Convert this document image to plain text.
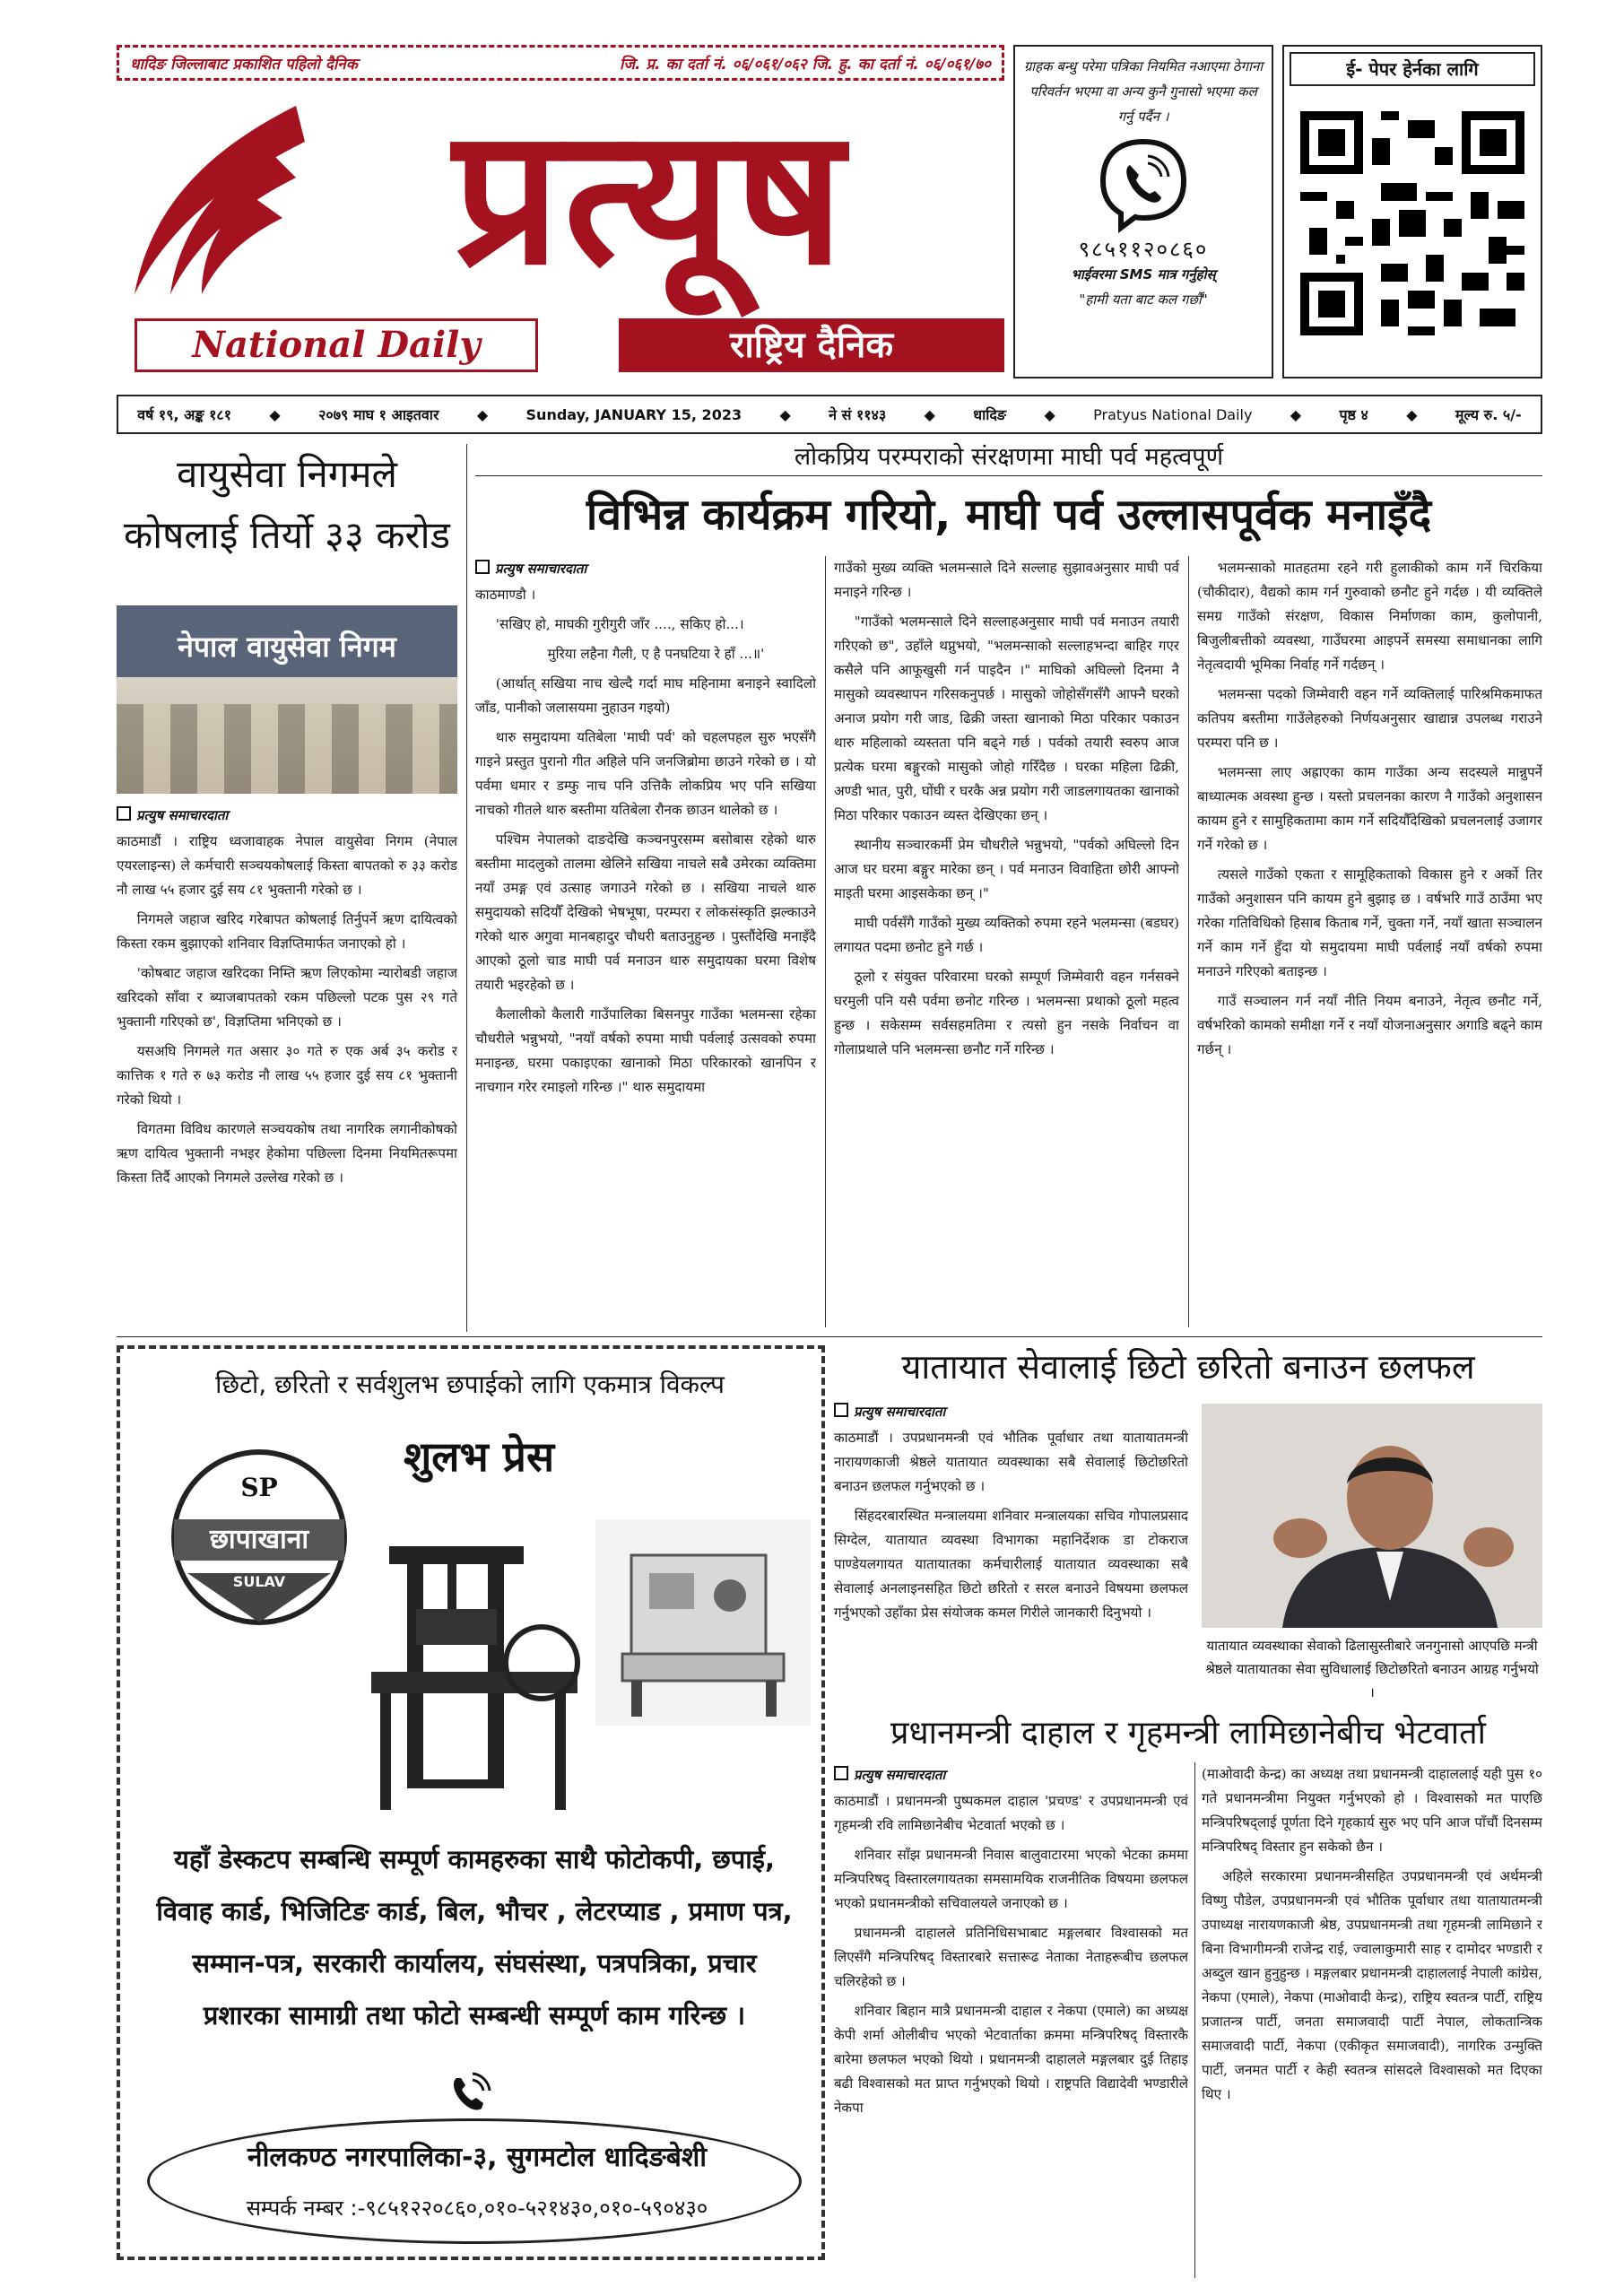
धादिङ जिल्लाबाट प्रकाशित पहिलो दैनिक	जि. प्र. का दर्ता नं. ०६/०६१/०६२ जि. हु. का दर्ता नं. ०६/०६१/७०
प्रत्यूष
National Daily	राष्ट्रिय दैनिक
ग्राहक बन्धु परेमा पत्रिका नियमित नआएमा ठेगाना परिवर्तन भएमा वा अन्य कुनै गुनासो भएमा कल गर्नु पर्दैन ।
९८५११२०८६०
भाईवरमा SMS मात्र गर्नुहोस्
"हामी यता बाट कल गर्छौं"
ई- पेपर हेर्नका लागि
वर्ष १९, अङ्क १८१	◆	२०७९ माघ १ आइतवार	◆	Sunday, JANUARY 15, 2023	◆	ने सं ११४३	◆	धादिङ	◆	Pratyus National Daily	◆	पृष्ठ ४	◆	मूल्य रु. ५/-
वायुसेवा निगमले कोषलाई तिर्यो ३३ करोड
नेपाल वायुसेवा निगम
प्रत्युष समाचारदाता

काठमाडौं । राष्ट्रिय ध्वजावाहक नेपाल वायुसेवा निगम (नेपाल एयरलाइन्स) ले कर्मचारी सञ्चयकोषलाई किस्ता बापतको रु ३३ करोड नौ लाख ५५ हजार दुई सय ८१ भुक्तानी गरेको छ ।

निगमले जहाज खरिद गरेबापत कोषलाई तिर्नुपर्ने ऋण दायित्वको किस्ता रकम बुझाएको शनिवार विज्ञप्तिमार्फत जनाएको हो ।

'कोषबाट जहाज खरिदका निम्ति ऋण लिएकोमा न्यारोबडी जहाज खरिदको साँवा र ब्याजबापतको रकम पछिल्लो पटक पुस २९ गते भुक्तानी गरिएको छ', विज्ञप्तिमा भनिएको छ ।

यसअघि निगमले गत असार ३० गते रु एक अर्ब ३५ करोड र कात्तिक १ गते रु ७३ करोड नौ लाख ५५ हजार दुई सय ८१ भुक्तानी गरेको थियो ।

विगतमा विविध कारणले सञ्चयकोष तथा नागरिक लगानीकोषको ऋण दायित्व भुक्तानी नभइर हेकोमा पछिल्ला दिनमा नियमितरूपमा किस्ता तिर्दै आएको निगमले उल्लेख गरेको छ ।

लोकप्रिय परम्पराको संरक्षणमा माघी पर्व महत्वपूर्ण
विभिन्न कार्यक्रम गरियो, माघी पर्व उल्लासपूर्वक मनाइँदै
प्रत्युष समाचारदाता

काठमाण्डौ ।

'सखिए हो, माघकी गुरीगुरी जाँर ...., सकिए हो...।

मुरिया लहैना गैली, ए है पनघटिया रे हाँ ...॥'

(आर्थात् सखिया नाच खेल्दै गर्दा माघ महिनामा बनाइने स्वादिलो जाँड, पानीको जलासयमा नुहाउन गइयो)

थारु समुदायमा यतिबेला 'माघी पर्व' को चहलपहल सुरु भएसँगै गाइने प्रस्तुत पुरानो गीत अहिले पनि जनजिब्रोमा छाउने गरेको छ । यो पर्वमा धमार र डम्फु नाच पनि उत्तिकै लोकप्रिय भए पनि सखिया नाचको गीतले थारु बस्तीमा यतिबेला रौनक छाउन थालेको छ ।

पश्चिम नेपालको दाङदेखि कञ्चनपुरसम्म बसोबास रहेको थारु बस्तीमा मादलुको तालमा खेलिने सखिया नाचले सबै उमेरका व्यक्तिमा नयाँ उमङ्ग एवं उत्साह जगाउने गरेको छ । सखिया नाचले थारु समुदायको सदियौँ देखिको भेषभूषा, परम्परा र लोकसंस्कृति झल्काउने गरेको थारु अगुवा मानबहादुर चौधरी बताउनुहुन्छ । पुस्तौंदेखि मनाइँदै आएको ठूलो चाड माघी पर्व मनाउन थारु समुदायका घरमा विशेष तयारी भइरहेको छ ।

कैलालीको कैलारी गाउँपालिका बिसनपुर गाउँका भलमन्सा रहेका चौधरीले भन्नुभयो, "नयाँ वर्षको रुपमा माघी पर्वलाई उत्सवको रुपमा मनाइन्छ, घरमा पकाइएका खानाको मिठा परिकारको खानपिन र नाचगान गरेर रमाइलो गरिन्छ ।" थारु समुदायमा

गाउँको मुख्य व्यक्ति भलमन्साले दिने सल्लाह सुझावअनुसार माघी पर्व मनाइने गरिन्छ ।

"गाउँको भलमन्साले दिने सल्लाहअनुसार माघी पर्व मनाउन तयारी गरिएको छ", उहाँले थप्नुभयो, "भलमन्साको सल्लाहभन्दा बाहिर गएर कसैले पनि आफूखुसी गर्न पाइदैन ।" माघिको अघिल्लो दिनमा नै मासुको व्यवस्थापन गरिसकनुपर्छ । मासुको जोहोसँगसँगै आफ्नै घरको अनाज प्रयोग गरी जाड, ढिक्री जस्ता खानाको मिठा परिकार पकाउन थारु महिलाको व्यस्तता पनि बढ्ने गर्छ । पर्वको तयारी स्वरुप आज प्रत्येक घरमा बङ्गुरको मासुको जोहो गरिँदैछ । घरका महिला ढिक्री, अण्डी भात, पुरी, घोंघी र घरकै अन्न प्रयोग गरी जाडलगायतका खानाको मिठा परिकार पकाउन व्यस्त देखिएका छन् ।

स्थानीय सञ्चारकर्मी प्रेम चौधरीले भन्नुभयो, "पर्वको अघिल्लो दिन आज घर घरमा बङ्गुर मारेका छन् । पर्व मनाउन विवाहिता छोरी आफ्नो माइती घरमा आइसकेका छन् ।"

माघी पर्वसँगै गाउँको मुख्य व्यक्तिको रुपमा रहने भलमन्सा (बडघर) लगायत पदमा छनोट हुने गर्छ ।

ठूलो र संयुक्त परिवारमा घरको सम्पूर्ण जिम्मेवारी वहन गर्नसक्ने घरमुली पनि यसै पर्वमा छनोट गरिन्छ । भलमन्सा प्रथाको ठूलो महत्व हुन्छ । सकेसम्म सर्वसहमतिमा र त्यसो हुन नसके निर्वाचन वा गोलाप्रथाले पनि भलमन्सा छनौट गर्ने गरिन्छ ।

भलमन्साको मातहतमा रहने गरी हुलाकीको काम गर्ने चिरकिया (चौकीदार), वैद्यको काम गर्न गुरुवाको छनौट हुने गर्दछ । यी व्यक्तिले समग्र गाउँको संरक्षण, विकास निर्माणका काम, कुलोपानी, बिजुलीबत्तीको व्यवस्था, गाउँघरमा आइपर्ने समस्या समाधानका लागि नेतृत्वदायी भूमिका निर्वाह गर्ने गर्दछन् ।

भलमन्सा पदको जिम्मेवारी वहन गर्ने व्यक्तिलाई पारिश्रमिकमाफत कतिपय बस्तीमा गाउँलेहरुको निर्णयअनुसार खाद्यान्न उपलब्ध गराउने परम्परा पनि छ ।

भलमन्सा लाए अह्राएका काम गाउँका अन्य सदस्यले मान्नुपर्ने बाध्यात्मक अवस्था हुन्छ । यस्तो प्रचलनका कारण नै गाउँको अनुशासन कायम हुने र सामुहिकतामा काम गर्ने सदियौँदेखिको प्रचलनलाई उजागर गर्ने गरेको छ ।

त्यसले गाउँको एकता र सामूहिकताको विकास हुने र अर्को तिर गाउँको अनुशासन पनि कायम हुने बुझाइ छ । वर्षभरि गाउँ ठाउँमा भए गरेका गतिविधिको हिसाब किताब गर्ने, चुक्ता गर्ने, नयाँ खाता सञ्चालन गर्ने काम गर्ने हुँदा यो समुदायमा माघी पर्वलाई नयाँ वर्षको रुपमा मनाउने गरिएको बताइन्छ ।

गाउँ सञ्चालन गर्न नयाँ नीति नियम बनाउने, नेतृत्व छनौट गर्ने, वर्षभरिको कामको समीक्षा गर्ने र नयाँ योजनाअनुसार अगाडि बढ्ने काम गर्छन् ।

छिटो, छरितो र सर्वशुलभ छपाईको लागि एकमात्र विकल्प
शुलभ प्रेस
SP
छापाखाना
SULAV
यहाँ डेस्कटप सम्बन्धि सम्पूर्ण कामहरुका साथै फोटोकपी, छपाई, विवाह कार्ड, भिजिटिङ कार्ड, बिल, भौचर , लेटरप्याड , प्रमाण पत्र, सम्मान-पत्र, सरकारी कार्यालय, संघसंस्था, पत्रपत्रिका, प्रचार प्रशारका सामाग्री तथा फोटो सम्बन्धी सम्पूर्ण काम गरिन्छ ।
नीलकण्ठ नगरपालिका-३, सुगमटोल धादिङबेशी
सम्पर्क नम्बर :-९८५१२२०८६०,०१०-५२१४३०,०१०-५९०४३०
यातायात सेवालाई छिटो छरितो बनाउन छलफल
प्रत्युष समाचारदाता

काठमाडौं । उपप्रधानमन्त्री एवं भौतिक पूर्वाधार तथा यातायातमन्त्री नारायणकाजी श्रेष्ठले यातायात व्यवस्थाका सबै सेवालाई छिटोछरितो बनाउन छलफल गर्नुभएको छ ।

सिंहदरबारस्थित मन्त्रालयमा शनिवार मन्त्रालयका सचिव गोपालप्रसाद सिग्देल, यातायात व्यवस्था विभागका महानिर्देशक डा टोकराज पाण्डेयलगायत यातायातका कर्मचारीलाई यातायात व्यवस्थाका सबै सेवालाई अनलाइनसहित छिटो छरितो र सरल बनाउने विषयमा छलफल गर्नुभएको उहाँका प्रेस संयोजक कमल गिरीले जानकारी दिनुभयो ।

यातायात व्यवस्थाका सेवाको ढिलासुस्तीबारे जनगुनासो आएपछि मन्त्री श्रेष्ठले यातायातका सेवा सुविधालाई छिटोछरितो बनाउन आग्रह गर्नुभयो ।
प्रधानमन्त्री दाहाल र गृहमन्त्री लामिछानेबीच भेटवार्ता
प्रत्युष समाचारदाता

काठमाडौं । प्रधानमन्त्री पुष्पकमल दाहाल 'प्रचण्ड' र उपप्रधानमन्त्री एवं गृहमन्त्री रवि लामिछानेबीच भेटवार्ता भएको छ ।

शनिवार साँझ प्रधानमन्त्री निवास बालुवाटारमा भएको भेटका क्रममा मन्त्रिपरिषद् विस्तारलगायतका समसामयिक राजनीतिक विषयमा छलफल भएको प्रधानमन्त्रीको सचिवालयले जनाएको छ ।

प्रधानमन्त्री दाहालले प्रतिनिधिसभाबाट मङ्गलबार विश्वासको मत लिएसँगै मन्त्रिपरिषद् विस्तारबारे सत्तारूढ नेताका नेताहरूबीच छलफल चलिरहेको छ ।

शनिवार बिहान मात्रै प्रधानमन्त्री दाहाल र नेकपा (एमाले) का अध्यक्ष केपी शर्मा ओलीबीच भएको भेटवार्ताका क्रममा मन्त्रिपरिषद् विस्तारकै बारेमा छलफल भएको थियो । प्रधानमन्त्री दाहालले मङ्गलबार दुई तिहाइ बढी विश्वासको मत प्राप्त गर्नुभएको थियो । राष्ट्रपति विद्यादेवी भण्डारीले नेकपा

(माओवादी केन्द्र) का अध्यक्ष तथा प्रधानमन्त्री दाहाललाई यही पुस १० गते प्रधानमन्त्रीमा नियुक्त गर्नुभएको हो । विश्वासको मत पाएछि मन्त्रिपरिषद्लाई पूर्णता दिने गृहकार्य सुरु भए पनि आज पाँचौं दिनसम्म मन्त्रिपरिषद् विस्तार हुन सकेको छैन ।

अहिले सरकारमा प्रधानमन्त्रीसहित उपप्रधानमन्त्री एवं अर्थमन्त्री विष्णु पौडेल, उपप्रधानमन्त्री एवं भौतिक पूर्वाधार तथा यातायातमन्त्री उपाध्यक्ष नारायणकाजी श्रेष्ठ, उपप्रधानमन्त्री तथा गृहमन्त्री लामिछाने र बिना विभागीमन्त्री राजेन्द्र राई, ज्वालाकुमारी साह र दामोदर भण्डारी र अब्दुल खान हुनुहुन्छ । मङ्गलबार प्रधानमन्त्री दाहाललाई नेपाली कांग्रेस, नेकपा (एमाले), नेकपा (माओवादी केन्द्र), राष्ट्रिय स्वतन्त्र पार्टी, राष्ट्रिय प्रजातन्त्र पार्टी, जनता समाजवादी पार्टी नेपाल, लोकतान्त्रिक समाजवादी पार्टी, नेकपा (एकीकृत समाजवादी), नागरिक उन्मुक्ति पार्टी, जनमत पार्टी र केही स्वतन्त्र सांसदले विश्वासको मत दिएका थिए ।
